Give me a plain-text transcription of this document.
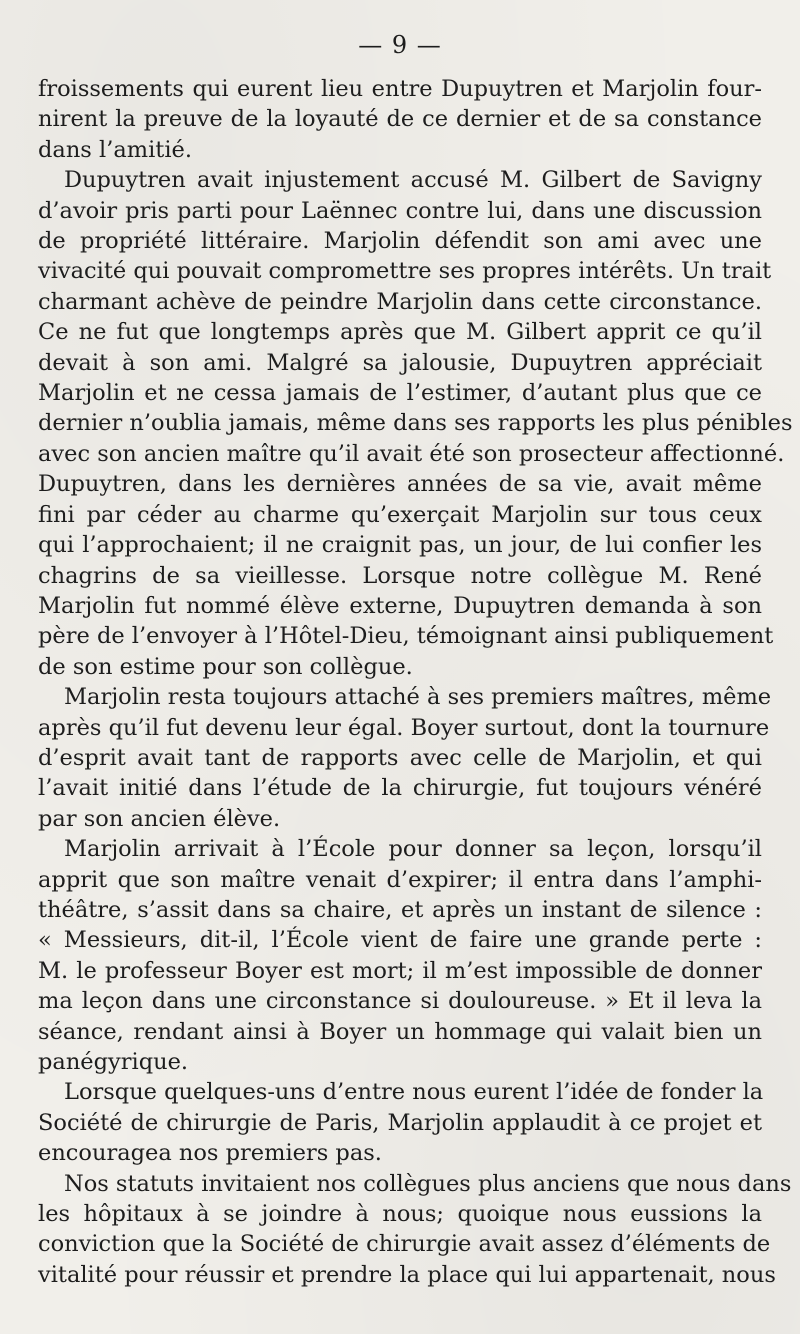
— 9 —
froissements qui eurent lieu entre Dupuytren et Marjolin four-
nirent la preuve de la loyauté de ce dernier et de sa constance
dans l’amitié.
Dupuytren avait injustement accusé M. Gilbert de Savigny
d’avoir pris parti pour Laënnec contre lui, dans une discussion
de propriété littéraire. Marjolin défendit son ami avec une
vivacité qui pouvait compromettre ses propres intérêts. Un trait
charmant achève de peindre Marjolin dans cette circonstance.
Ce ne fut que longtemps après que M. Gilbert apprit ce qu’il
devait à son ami. Malgré sa jalousie, Dupuytren appréciait
Marjolin et ne cessa jamais de l’estimer, d’autant plus que ce
dernier n’oublia jamais, même dans ses rapports les plus pénibles
avec son ancien maître qu’il avait été son prosecteur affectionné.
Dupuytren, dans les dernières années de sa vie, avait même
fini par céder au charme qu’exerçait Marjolin sur tous ceux
qui l’approchaient; il ne craignit pas, un jour, de lui confier les
chagrins de sa vieillesse. Lorsque notre collègue M. René
Marjolin fut nommé élève externe, Dupuytren demanda à son
père de l’envoyer à l’Hôtel-Dieu, témoignant ainsi publiquement
de son estime pour son collègue.
Marjolin resta toujours attaché à ses premiers maîtres, même
après qu’il fut devenu leur égal. Boyer surtout, dont la tournure
d’esprit avait tant de rapports avec celle de Marjolin, et qui
l’avait initié dans l’étude de la chirurgie, fut toujours vénéré
par son ancien élève.
Marjolin arrivait à l’École pour donner sa leçon, lorsqu’il
apprit que son maître venait d’expirer; il entra dans l’amphi-
théâtre, s’assit dans sa chaire, et après un instant de silence :
« Messieurs, dit-il, l’École vient de faire une grande perte :
M. le professeur Boyer est mort; il m’est impossible de donner
ma leçon dans une circonstance si douloureuse. » Et il leva la
séance, rendant ainsi à Boyer un hommage qui valait bien un
panégyrique.
Lorsque quelques-uns d’entre nous eurent l’idée de fonder la
Société de chirurgie de Paris, Marjolin applaudit à ce projet et
encouragea nos premiers pas.
Nos statuts invitaient nos collègues plus anciens que nous dans
les hôpitaux à se joindre à nous; quoique nous eussions la
conviction que la Société de chirurgie avait assez d’éléments de
vitalité pour réussir et prendre la place qui lui appartenait, nous
